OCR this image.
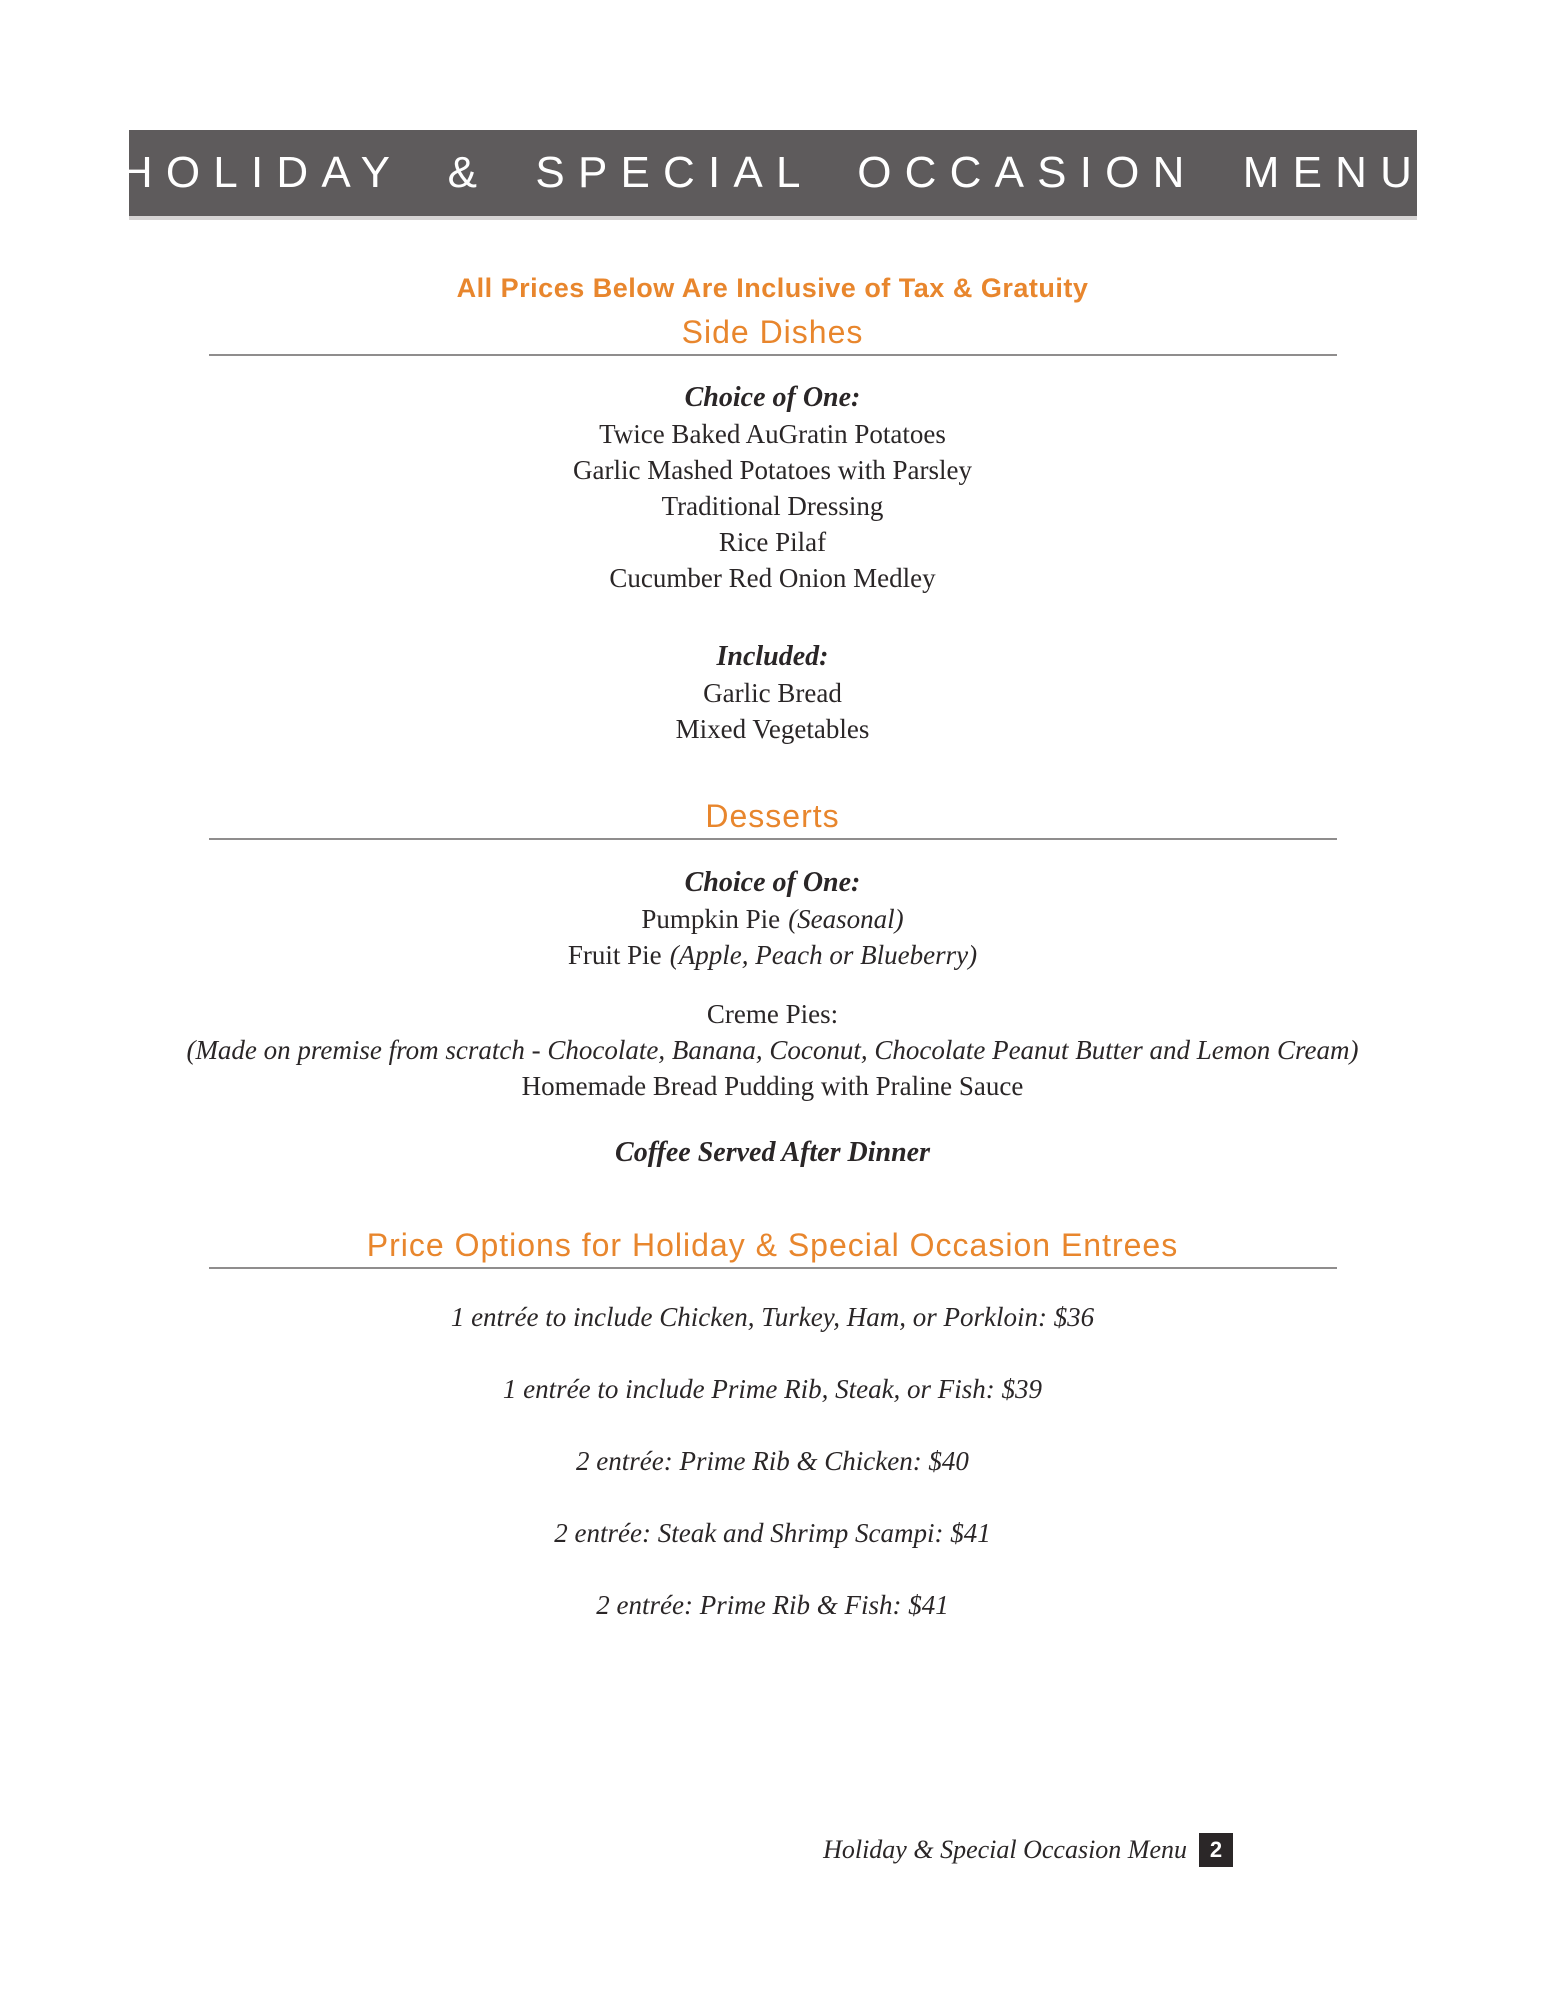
HOLIDAY & SPECIAL OCCASION MENU

All Prices Below Are Inclusive of Tax & Gratuity

Side Dishes

Choice of One:

Twice Baked AuGratin Potatoes
Garlic Mashed Potatoes with Parsley
Traditional Dressing
Rice Pilaf
Cucumber Red Onion Medley

Included:

Garlic Bread
Mixed Vegetables
Desserts

Choice of One:

Pumpkin Pie (Seasonal)

Fruit Pie (Apple, Peach or Blueberry)

Creme Pies:

(Made on premise from scratch - Chocolate, Banana, Coconut, Chocolate Peanut Butter and Lemon Cream)

Homemade Bread Pudding with Praline Sauce

Coffee Served After Dinner

Price Options for Holiday & Special Occasion Entrees

1 entrée to include Chicken, Turkey, Ham, or Porkloin: $36

1 entrée to include Prime Rib, Steak, or Fish: $39

2 entrée: Prime Rib & Chicken: $40

2 entrée: Steak and Shrimp Scampi: $41

2 entrée: Prime Rib & Fish: $41

Holiday & Special Occasion Menu	2
